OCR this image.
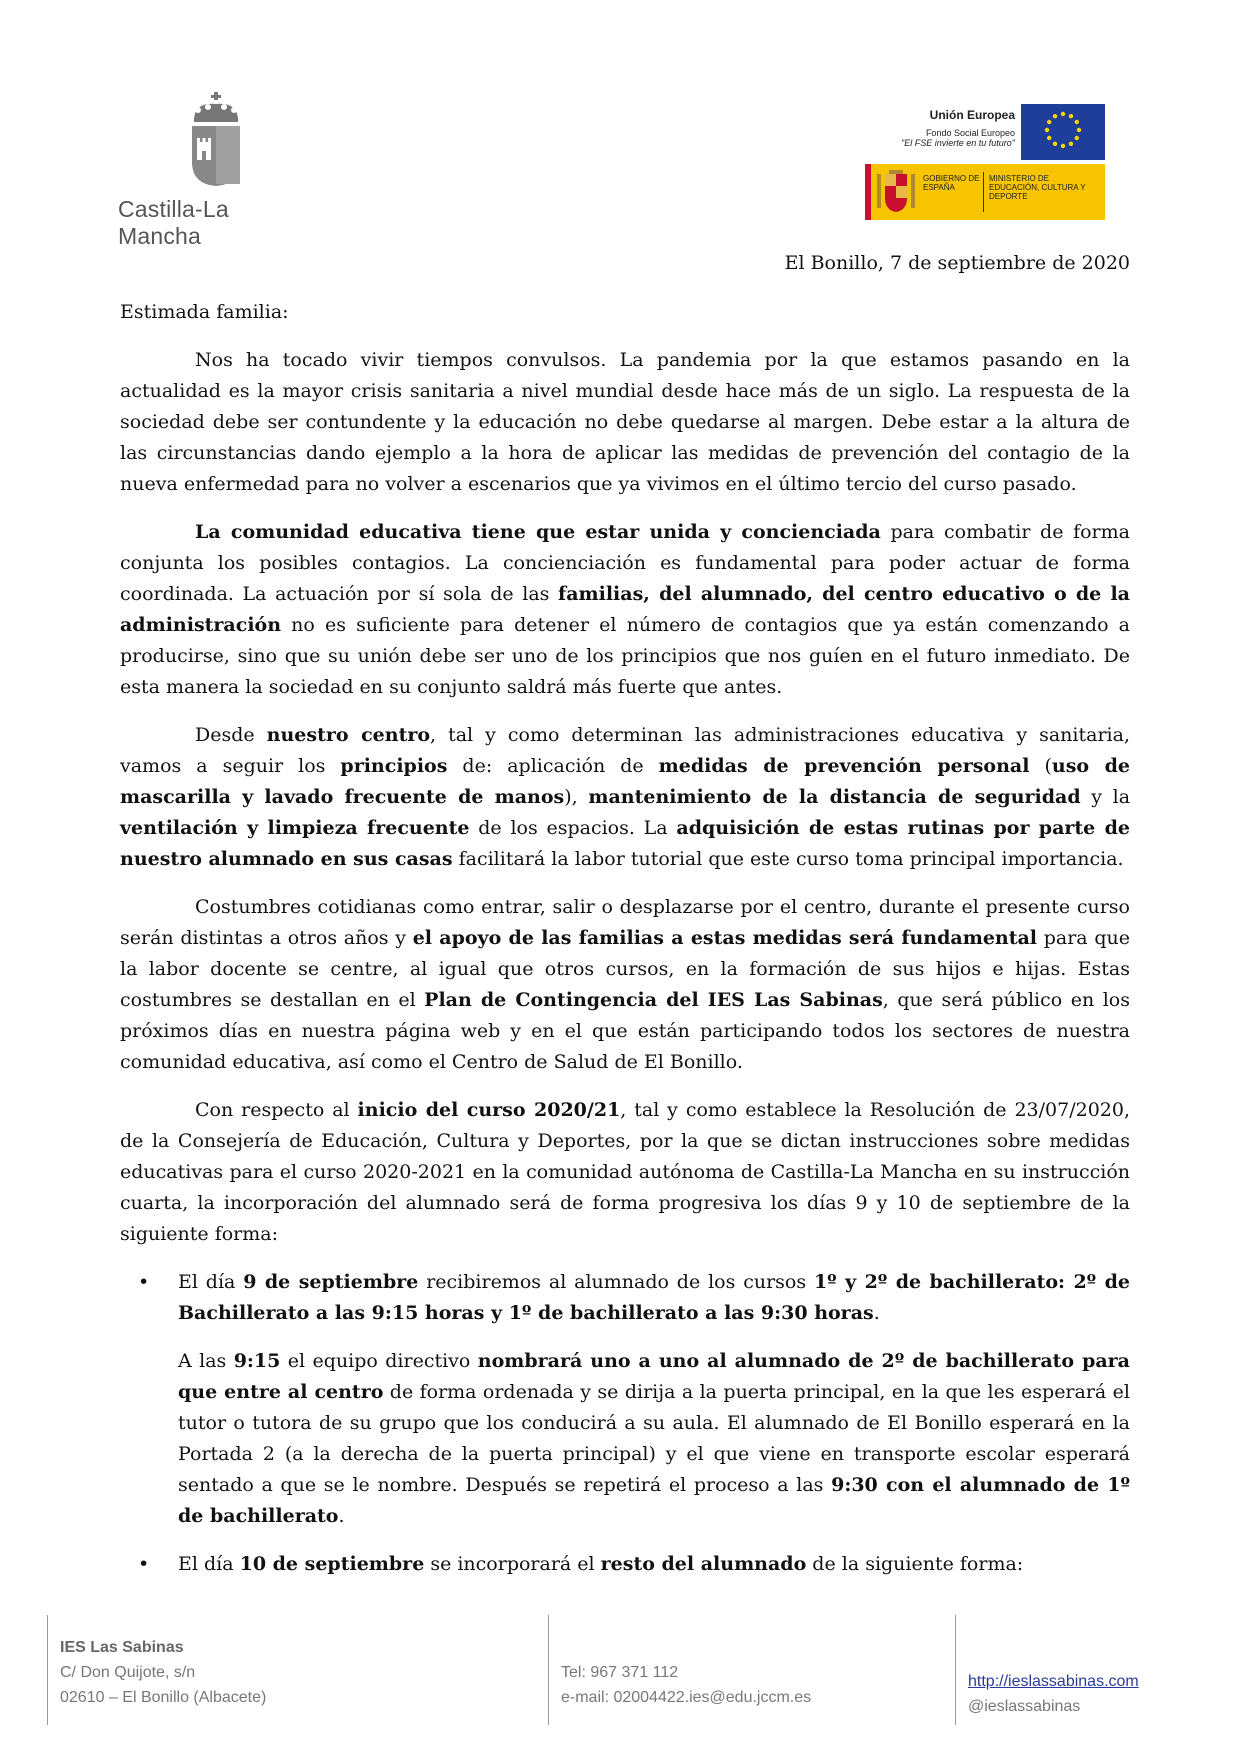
Castilla-La Mancha
Unión Europea
Fondo Social Europeo
"El FSE invierte en tu futuro"
GOBIERNO DE ESPAÑA
MINISTERIO DE EDUCACIÓN, CULTURA Y DEPORTE
El Bonillo, 7 de septiembre de 2020

Estimada familia:

Nos ha tocado vivir tiempos convulsos. La pandemia por la que estamos pasando en la actualidad es la mayor crisis sanitaria a nivel mundial desde hace más de un siglo. La respuesta de la sociedad debe ser contundente y la educación no debe quedarse al margen. Debe estar a la altura de las circunstancias dando ejemplo a la hora de aplicar las medidas de prevención del contagio de la nueva enfermedad para no volver a escenarios que ya vivimos en el último tercio del curso pasado.

La comunidad educativa tiene que estar unida y concienciada para combatir de forma conjunta los posibles contagios. La concienciación es fundamental para poder actuar de forma coordinada. La actuación por sí sola de las familias, del alumnado, del centro educativo o de la administración no es suficiente para detener el número de contagios que ya están comenzando a producirse, sino que su unión debe ser uno de los principios que nos guíen en el futuro inmediato. De esta manera la sociedad en su conjunto saldrá más fuerte que antes.

Desde nuestro centro, tal y como determinan las administraciones educativa y sanitaria, vamos a seguir los principios de: aplicación de medidas de prevención personal (uso de mascarilla y lavado frecuente de manos), mantenimiento de la distancia de seguridad y la ventilación y limpieza frecuente de los espacios. La adquisición de estas rutinas por parte de nuestro alumnado en sus casas facilitará la labor tutorial que este curso toma principal importancia.

Costumbres cotidianas como entrar, salir o desplazarse por el centro, durante el presente curso serán distintas a otros años y el apoyo de las familias a estas medidas será fundamental para que la labor docente se centre, al igual que otros cursos, en la formación de sus hijos e hijas. Estas costumbres se destallan en el Plan de Contingencia del IES Las Sabinas, que será público en los próximos días en nuestra página web y en el que están participando todos los sectores de nuestra comunidad educativa, así como el Centro de Salud de El Bonillo.

Con respecto al inicio del curso 2020/21, tal y como establece la Resolución de 23/07/2020, de la Consejería de Educación, Cultura y Deportes, por la que se dictan instrucciones sobre medidas educativas para el curso 2020-2021 en la comunidad autónoma de Castilla-La Mancha en su instrucción cuarta, la incorporación del alumnado será de forma progresiva los días 9 y 10 de septiembre de la siguiente forma:

• El día 9 de septiembre recibiremos al alumnado de los cursos 1º y 2º de bachillerato: 2º de Bachillerato a las 9:15 horas y 1º de bachillerato a las 9:30 horas.

A las 9:15 el equipo directivo nombrará uno a uno al alumnado de 2º de bachillerato para que entre al centro de forma ordenada y se dirija a la puerta principal, en la que les esperará el tutor o tutora de su grupo que los conducirá a su aula. El alumnado de El Bonillo esperará en la Portada 2 (a la derecha de la puerta principal) y el que viene en transporte escolar esperará sentado a que se le nombre. Después se repetirá el proceso a las 9:30 con el alumnado de 1º de bachillerato.

• El día 10 de septiembre se incorporará el resto del alumnado de la siguiente forma:

IES Las Sabinas
C/ Don Quijote, s/n
02610 – El Bonillo (Albacete)
Tel: 967 371 112
e-mail: 02004422.ies@edu.jccm.es
http://ieslassabinas.com
@ieslassabinas
